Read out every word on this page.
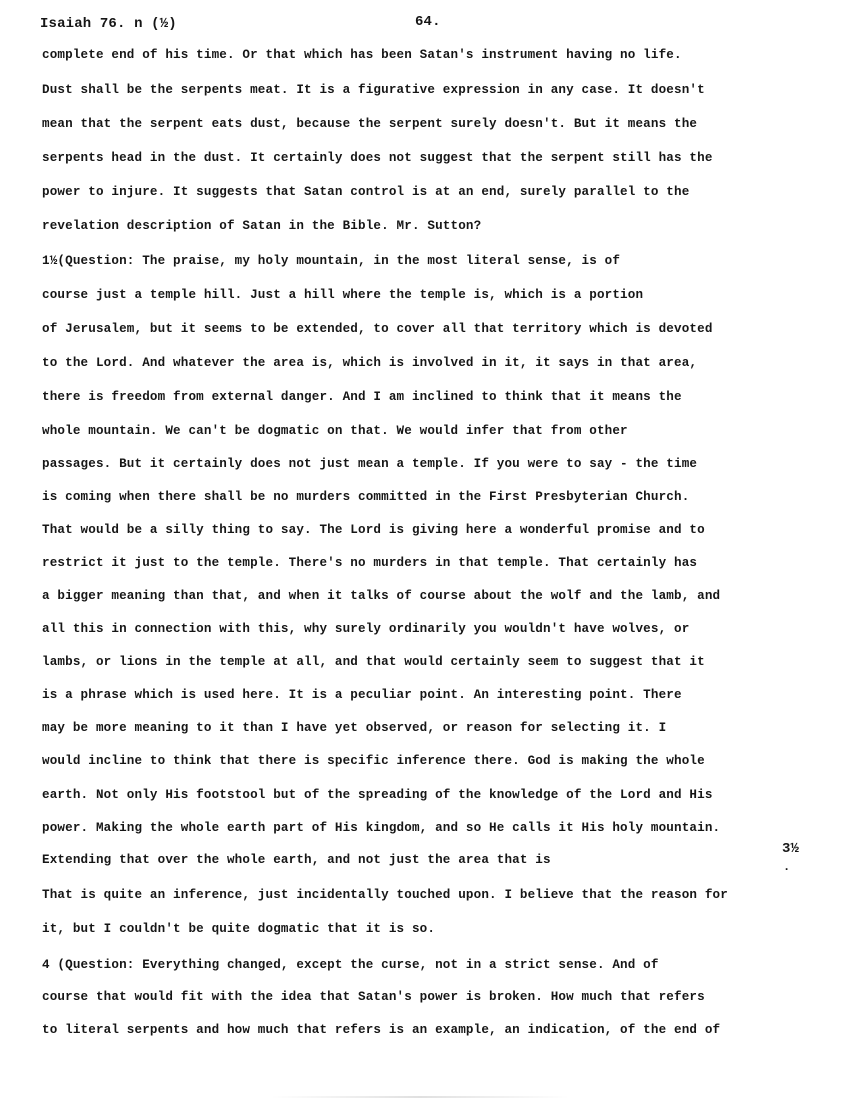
Isaiah 76. n (½)	64.
complete end of his time. Or that which has been Satan's instrument having no life.
Dust shall be the serpents meat. It is a figurative expression in any case. It doesn't
mean that the serpent eats dust, because the serpent surely doesn't. But it means the
serpents head in the dust. It certainly does not suggest that the serpent still has the
power to injure. It suggests that Satan control is at an end, surely parallel to the
revelation description of Satan in the Bible. Mr. Sutton?
1½(Question: The praise, my holy mountain, in the most literal sense, is of
course just a temple hill. Just a hill where the temple is, which is a portion
of Jerusalem, but it seems to be extended, to cover all that territory which is devoted
to the Lord. And whatever the area is, which is involved in it, it says in that area,
there is freedom from external danger. And I am inclined to think that it means the
whole mountain. We can't be dogmatic on that. We would infer that from other
passages. But it certainly does not just mean a temple. If you were to say - the time
is coming when there shall be no murders committed in the First Presbyterian Church.
That would be a silly thing to say. The Lord is giving here a wonderful promise and to
restrict it just to the temple. There's no murders in that temple. That certainly has
a bigger meaning than that, and when it talks of course about the wolf and the lamb, and
all this in connection with this, why surely ordinarily you wouldn't have wolves, or
lambs, or lions in the temple at all, and that would certainly seem to suggest that it
is a phrase which is used here. It is a peculiar point. An interesting point. There
may be more meaning to it than I have yet observed, or reason for selecting it. I
would incline to think that there is specific inference there. God is making the whole
earth. Not only His footstool but of the spreading of the knowledge of the Lord and His
power. Making the whole earth part of His kingdom, and so He calls it His holy mountain.
Extending that over the whole earth, and not just the area that is
That is quite an inference, just incidentally touched upon. I believe that the reason for
it, but I couldn't be quite dogmatic that it is so.
4 (Question: Everything changed, except the curse, not in a strict sense. And of
course that would fit with the idea that Satan's power is broken. How much that refers
to literal serpents and how much that refers is an example, an indication, of the end of
3½
.
